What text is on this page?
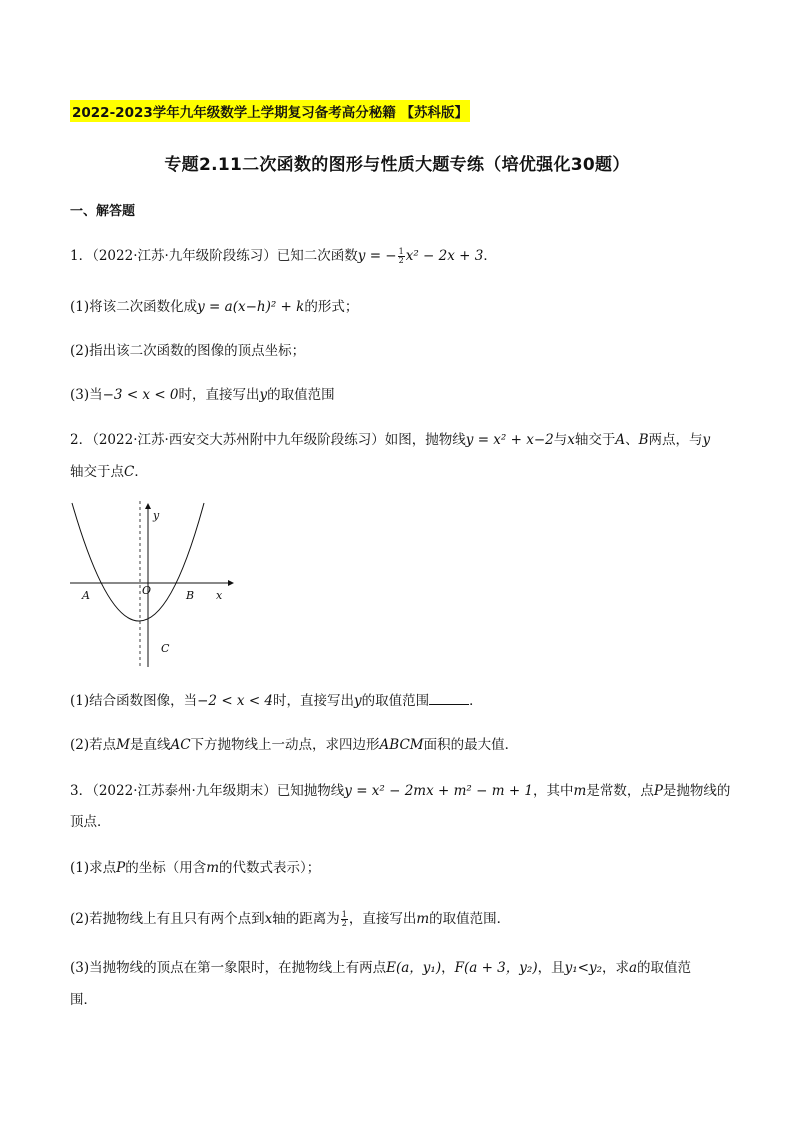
2022-2023学年九年级数学上学期复习备考高分秘籍 【苏科版】
专题2.11二次函数的图形与性质大题专练（培优强化30题）
一、解答题
1．（2022·江苏·九年级阶段练习）已知二次函数y = − $\frac{1}{2} x^2 - 2x + 3$．
(1)将该二次函数化成y = a(x−h)² + k的形式；
(2)指出该二次函数的图像的顶点坐标；
(3)当−3 < x < 0时，直接写出y的取值范围
2．（2022·江苏·西安交大苏州附中九年级阶段练习）如图，抛物线y = x² + x−2与x轴交于A、B两点，与y
轴交于点C．
y
x
O
A	B
C
(1)结合函数图像，当−2 < x < 4时，直接写出y的取值范围	．
(2)若点M是直线AC下方抛物线上一动点，求四边形ABCM面积的最大值．
3．（2022·江苏泰州·九年级期末）已知抛物线y = x² − 2mx + m² − m + 1，其中m是常数，点P是抛物线的
顶点．
(1)求点P的坐标（用含m的代数式表示）；
(2)若抛物线上有且只有两个点到x轴的距离为 $\frac{1}{2}$ ，直接写出m的取值范围．
(3)当抛物线的顶点在第一象限时，在抛物线上有两点E(a，y₁)，F(a + 3，y₂)，且y₁<y₂，求a的取值范
围．
